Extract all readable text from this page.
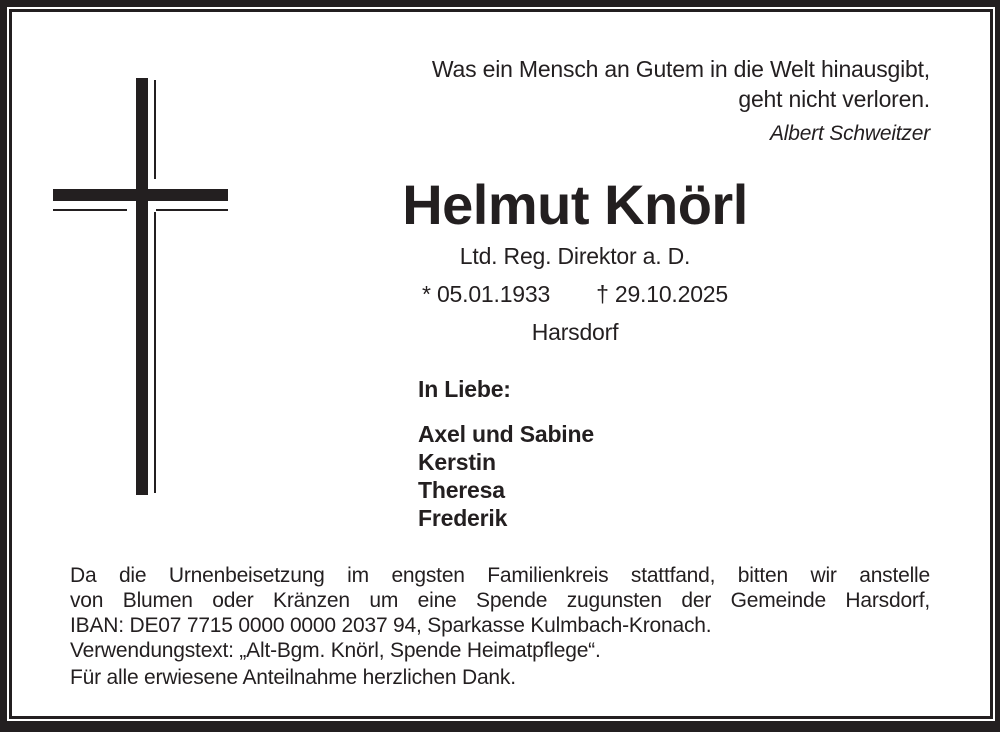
Was ein Mensch an Gutem in die Welt hinausgibt,
geht nicht verloren.
Albert Schweitzer
Helmut Knörl
Ltd. Reg. Direktor a. D.
* 05.01.1933 † 29.10.2025
Harsdorf
In Liebe:
Axel und Sabine
Kerstin
Theresa
Frederik
Da die Urnenbeisetzung im engsten Familienkreis stattfand, bitten wir anstelle
von Blumen oder Kränzen um eine Spende zugunsten der Gemeinde Harsdorf,
IBAN: DE07 7715 0000 0000 2037 94, Sparkasse Kulmbach-Kronach.
Verwendungstext: „Alt-Bgm. Knörl, Spende Heimatpflege“.
Für alle erwiesene Anteilnahme herzlichen Dank.
